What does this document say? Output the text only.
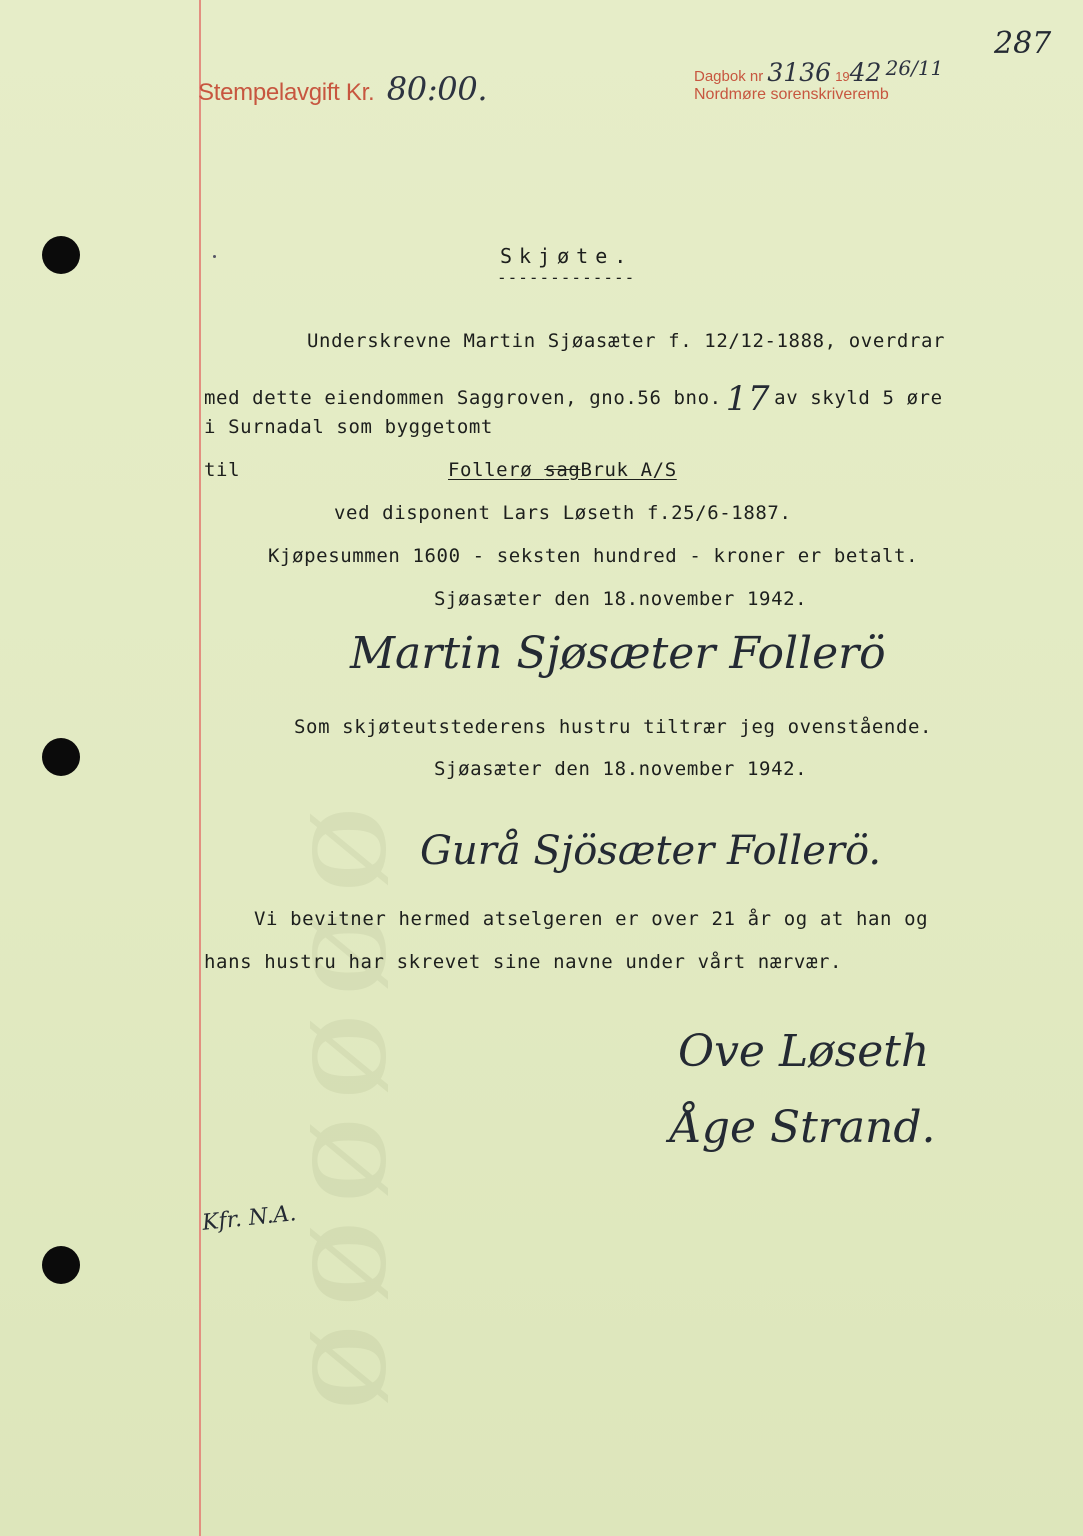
ØØØØØØ
Stempelavgift Kr. 80:00.	Dagbok nr 3136 1942 26/11
Nordmøre sorenskriveremb
287
Skjøte.
-------------
Underskrevne Martin Sjøasæter f. 12/12-1888, overdrar
med dette eiendommen Saggroven, gno.56 bno. 17 av skyld 5 øre
i Surnadal som byggetomt
til	Follerø sagBruk A/S
ved disponent Lars Løseth f.25/6-1887.
Kjøpesummen 1600 - seksten hundred - kroner er betalt.
Sjøasæter den 18.november 1942.
Martin Sjøsæter Follerö
Som skjøteutstederens hustru tiltrær jeg ovenstående.
Sjøasæter den 18.november 1942.
Gurå Sjösæter Follerö.
Vi bevitner hermed atselgeren er over 21 år og at han og
hans hustru har skrevet sine navne under vårt nærvær.
Ove Løseth
Åge Strand.
Kfr. N.A.
